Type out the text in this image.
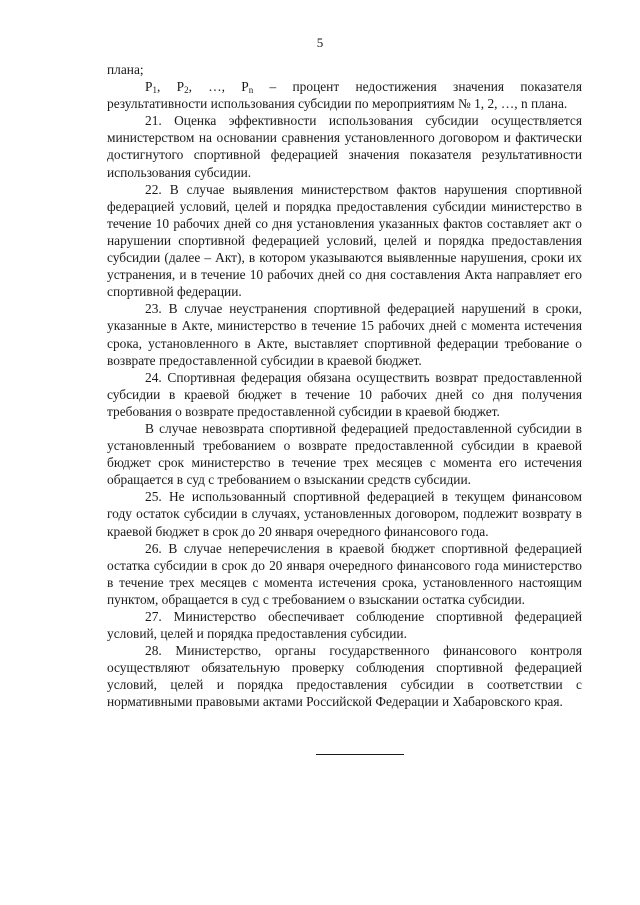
5

плана;

$P_1$, $P_2$, …, $P_n$ – процент недостижения значения показателя результативности использования субсидии по мероприятиям № 1, 2, …, n плана.

21. Оценка эффективности использования субсидии осуществляется министерством на основании сравнения установленного договором и фактически достигнутого спортивной федерацией значения показателя результативности использования субсидии.

22. В случае выявления министерством фактов нарушения спортивной федерацией условий, целей и порядка предоставления субсидии министерство в течение 10 рабочих дней со дня установления указанных фактов составляет акт о нарушении спортивной федерацией условий, целей и порядка предоставления субсидии (далее – Акт), в котором указываются выявленные нарушения, сроки их устранения, и в течение 10 рабочих дней со дня составления Акта направляет его спортивной федерации.

23. В случае неустранения спортивной федерацией нарушений в сроки, указанные в Акте, министерство в течение 15 рабочих дней с момента истечения срока, установленного в Акте, выставляет спортивной федерации требование о возврате предоставленной субсидии в краевой бюджет.

24. Спортивная федерация обязана осуществить возврат предоставленной субсидии в краевой бюджет в течение 10 рабочих дней со дня получения требования о возврате предоставленной субсидии в краевой бюджет.

В случае невозврата спортивной федерацией предоставленной субсидии в установленный требованием о возврате предоставленной субсидии в краевой бюджет срок министерство в течение трех месяцев с момента его истечения обращается в суд с требованием о взыскании средств субсидии.

25. Не использованный спортивной федерацией в текущем финансовом году остаток субсидии в случаях, установленных договором, подлежит возврату в краевой бюджет в срок до 20 января очередного финансового года.

26. В случае неперечисления в краевой бюджет спортивной федерацией остатка субсидии в срок до 20 января очередного финансового года министерство в течение трех месяцев с момента истечения срока, установленного настоящим пунктом, обращается в суд с требованием о взыскании остатка субсидии.

27. Министерство обеспечивает соблюдение спортивной федерацией условий, целей и порядка предоставления субсидии.

28. Министерство, органы государственного финансового контроля осуществляют обязательную проверку соблюдения спортивной федерацией условий, целей и порядка предоставления субсидии в соответствии с нормативными правовыми актами Российской Федерации и Хабаровского края.
